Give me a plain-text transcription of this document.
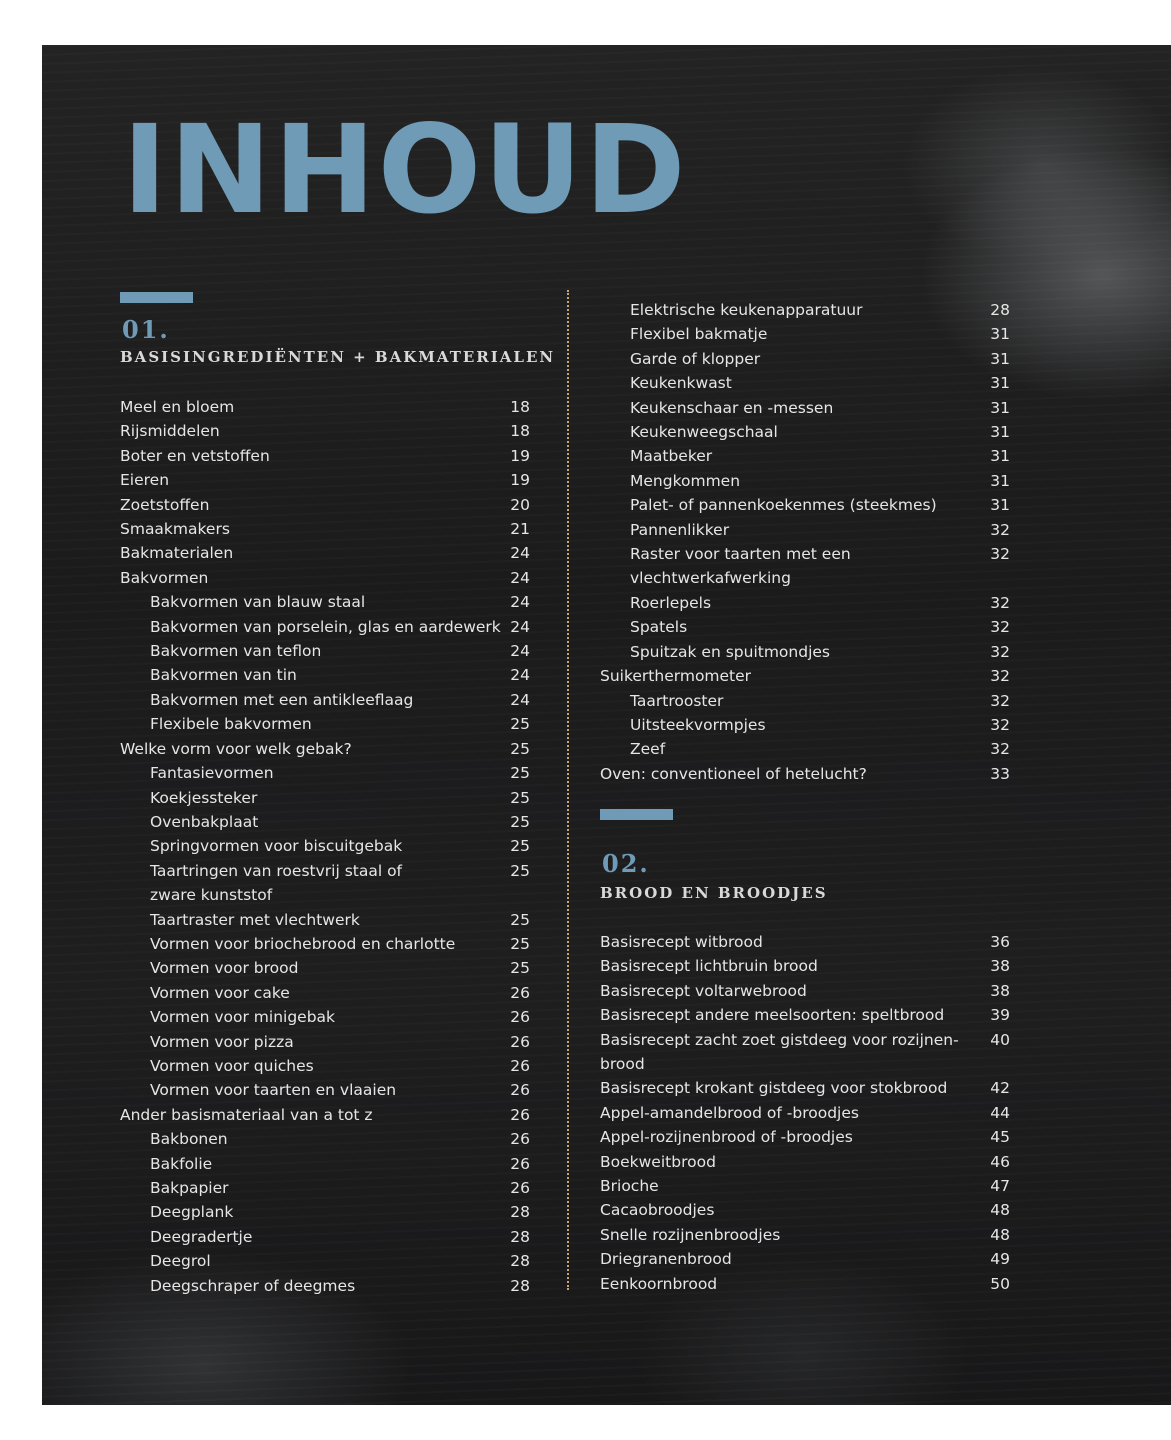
INHOUD
01.
BASISINGREDIËNTEN + BAKMATERIALEN
Meel en bloem	18
Rijsmiddelen	18
Boter en vetstoffen	19
Eieren	19
Zoetstoffen	20
Smaakmakers	21
Bakmaterialen	24
Bakvormen	24
Bakvormen van blauw staal	24
Bakvormen van porselein, glas en aardewerk 24
Bakvormen van teflon	24
Bakvormen van tin	24
Bakvormen met een antikleeflaag	24
Flexibele bakvormen	25
Welke vorm voor welk gebak?	25
Fantasievormen	25
Koekjessteker	25
Ovenbakplaat	25
Springvormen voor biscuitgebak	25
Taartringen van roestvrij staal of	25
zware kunststof
Taartraster met vlechtwerk	25
Vormen voor briochebrood en charlotte	25
Vormen voor brood	25
Vormen voor cake	26
Vormen voor minigebak	26
Vormen voor pizza	26
Vormen voor quiches	26
Vormen voor taarten en vlaaien	26
Ander basismateriaal van a tot z	26
Bakbonen	26
Bakfolie	26
Bakpapier	26
Deegplank	28
Deegradertje	28
Deegrol	28
Deegschraper of deegmes	28
Elektrische keukenapparatuur	28
Flexibel bakmatje	31
Garde of klopper	31
Keukenkwast	31
Keukenschaar en -messen	31
Keukenweegschaal	31
Maatbeker	31
Mengkommen	31
Palet- of pannenkoekenmes (steekmes)	31
Pannenlikker	32
Raster voor taarten met een	32
vlechtwerkafwerking
Roerlepels	32
Spatels	32
Spuitzak en spuitmondjes	32
Suikerthermometer	32
Taartrooster	32
Uitsteekvormpjes	32
Zeef	32
Oven: conventioneel of hetelucht?	33
02.
BROOD EN BROODJES
Basisrecept witbrood	36
Basisrecept lichtbruin brood	38
Basisrecept voltarwebrood	38
Basisrecept andere meelsoorten: speltbrood	39
Basisrecept zacht zoet gistdeeg voor rozijnen- 40
brood
Basisrecept krokant gistdeeg voor stokbrood	42
Appel-amandelbrood of -broodjes	44
Appel-rozijnenbrood of -broodjes	45
Boekweitbrood	46
Brioche	47
Cacaobroodjes	48
Snelle rozijnenbroodjes	48
Driegranenbrood	49
Eenkoornbrood	50
